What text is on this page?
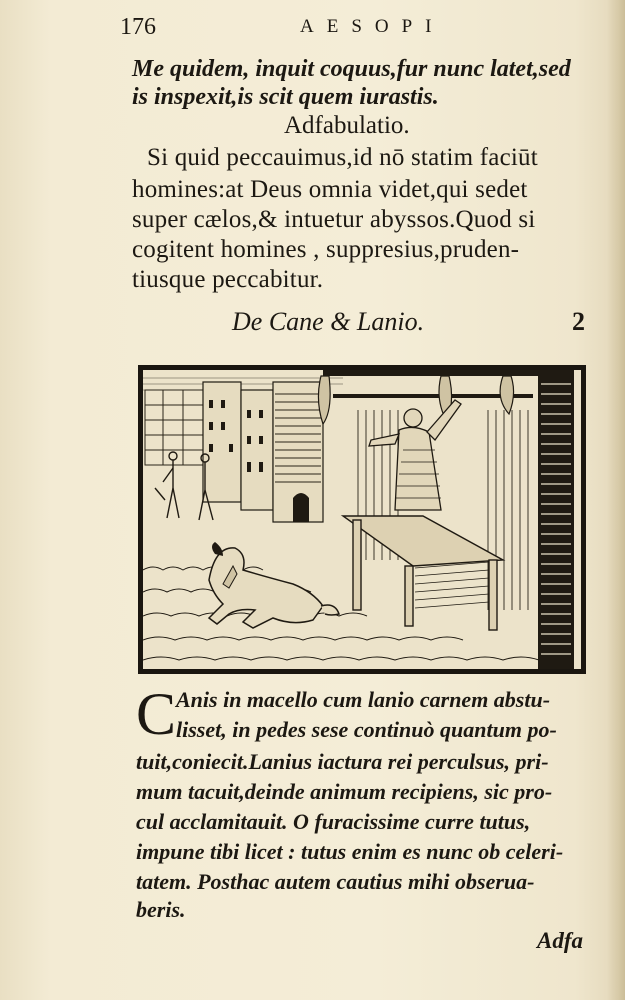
176	AESOPI
Me quidem, inquit coquus,fur nunc latet,sed
is inspexit,is scit quem iurastis.
Adfabulatio.
Si quid peccauimus,id nō statim faciūt
homines:at Deus omnia videt,qui sedet
super cælos,& intuetur abyssos.Quod si
cogitent homines , suppresius,pruden-
tiusque peccabitur.
De Cane & Lanio.	2
C Anis in macello cum lanio carnem abstu-
lisset, in pedes sese continuò quantum po-
tuit,coniecit.Lanius iactura rei perculsus, pri-
mum tacuit,deinde animum recipiens, sic pro-
cul acclamitauit. O furacissime curre tutus,
impune tibi licet : tutus enim es nunc ob celeri-
tatem. Posthac autem cautius mihi obserua-
beris.
Adfa
